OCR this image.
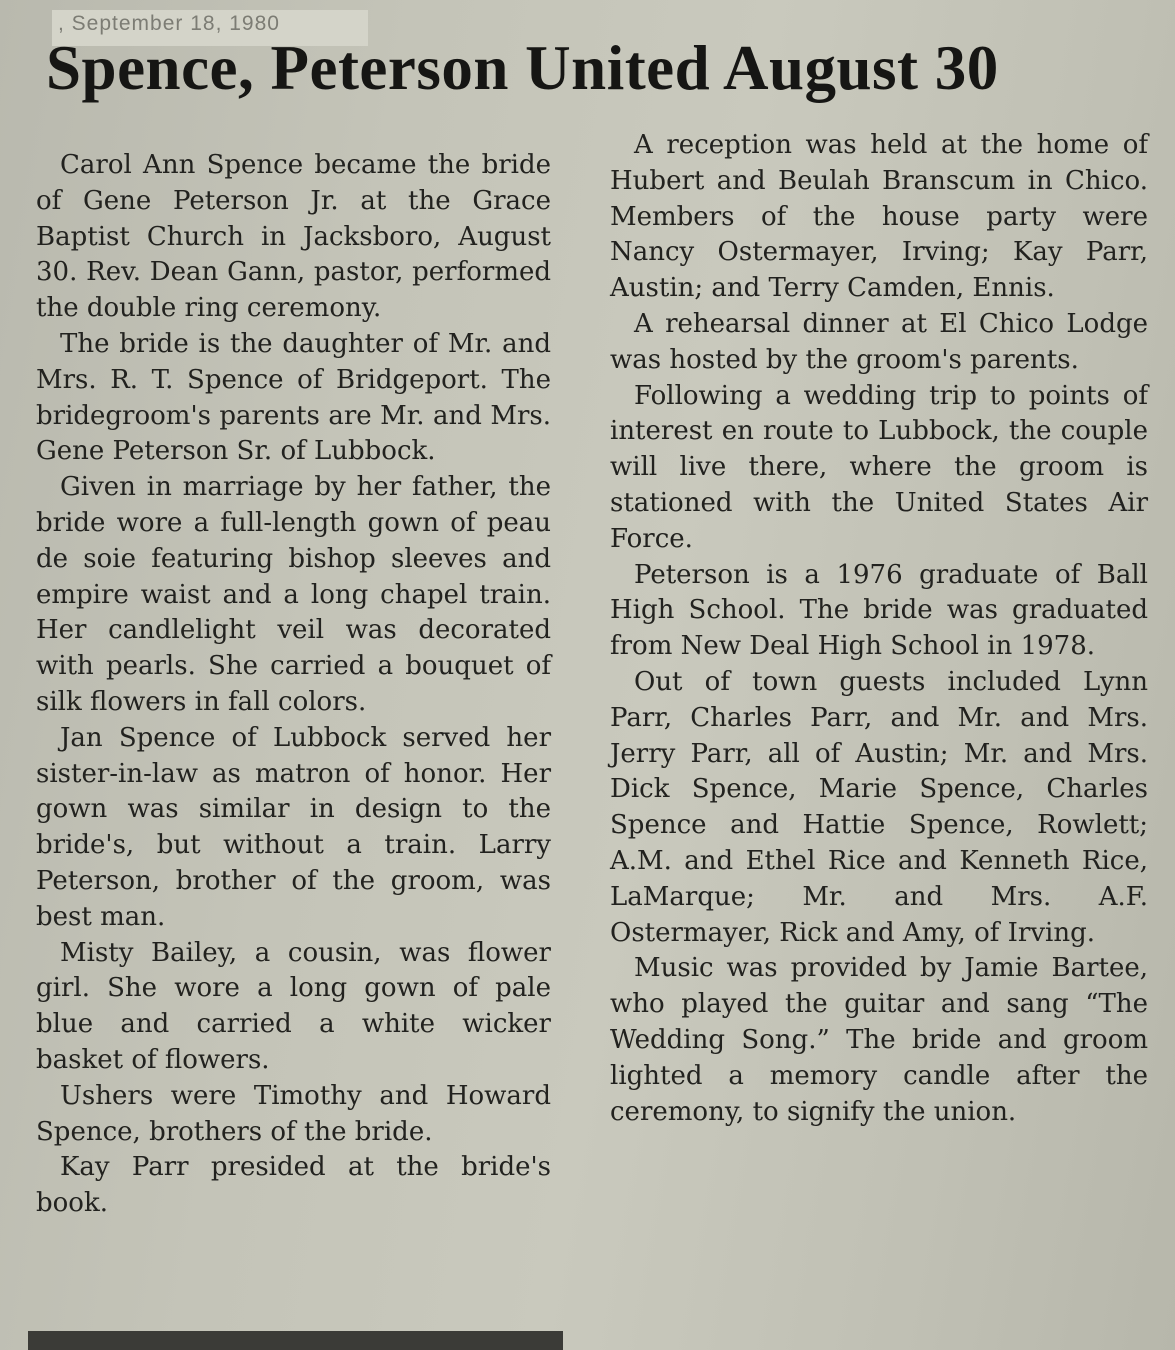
, September 18, 1980
Spence, Peterson United August 30

Carol Ann Spence became the bride of Gene Peterson Jr. at the Grace Baptist Church in Jacksboro, August 30. Rev. Dean Gann, pastor, performed the double ring ceremony.

The bride is the daughter of Mr. and Mrs. R. T. Spence of Bridgeport. The bridegroom's parents are Mr. and Mrs. Gene Peterson Sr. of Lubbock.

Given in marriage by her father, the bride wore a full-length gown of peau de soie featuring bishop sleeves and empire waist and a long chapel train. Her candlelight veil was decorated with pearls. She carried a bouquet of silk flowers in fall colors.

Jan Spence of Lubbock served her sister-in-law as matron of honor. Her gown was similar in design to the bride's, but without a train. Larry Peterson, brother of the groom, was best man.

Misty Bailey, a cousin, was flower girl. She wore a long gown of pale blue and carried a white wicker basket of flowers.

Ushers were Timothy and Howard Spence, brothers of the bride.

Kay Parr presided at the bride's book.

A reception was held at the home of Hubert and Beulah Branscum in Chico. Members of the house party were Nancy Ostermayer, Irving; Kay Parr, Austin; and Terry Camden, Ennis.

A rehearsal dinner at El Chico Lodge was hosted by the groom's parents.

Following a wedding trip to points of interest en route to Lubbock, the couple will live there, where the groom is stationed with the United States Air Force.

Peterson is a 1976 graduate of Ball High School. The bride was graduated from New Deal High School in 1978.

Out of town guests included Lynn Parr, Charles Parr, and Mr. and Mrs. Jerry Parr, all of Austin; Mr. and Mrs. Dick Spence, Marie Spence, Charles Spence and Hattie Spence, Rowlett; A.M. and Ethel Rice and Kenneth Rice, LaMarque; Mr. and Mrs. A.F. Ostermayer, Rick and Amy, of Irving.

Music was provided by Jamie Bartee, who played the guitar and sang “The Wedding Song.” The bride and groom lighted a memory candle after the ceremony, to signify the union.
